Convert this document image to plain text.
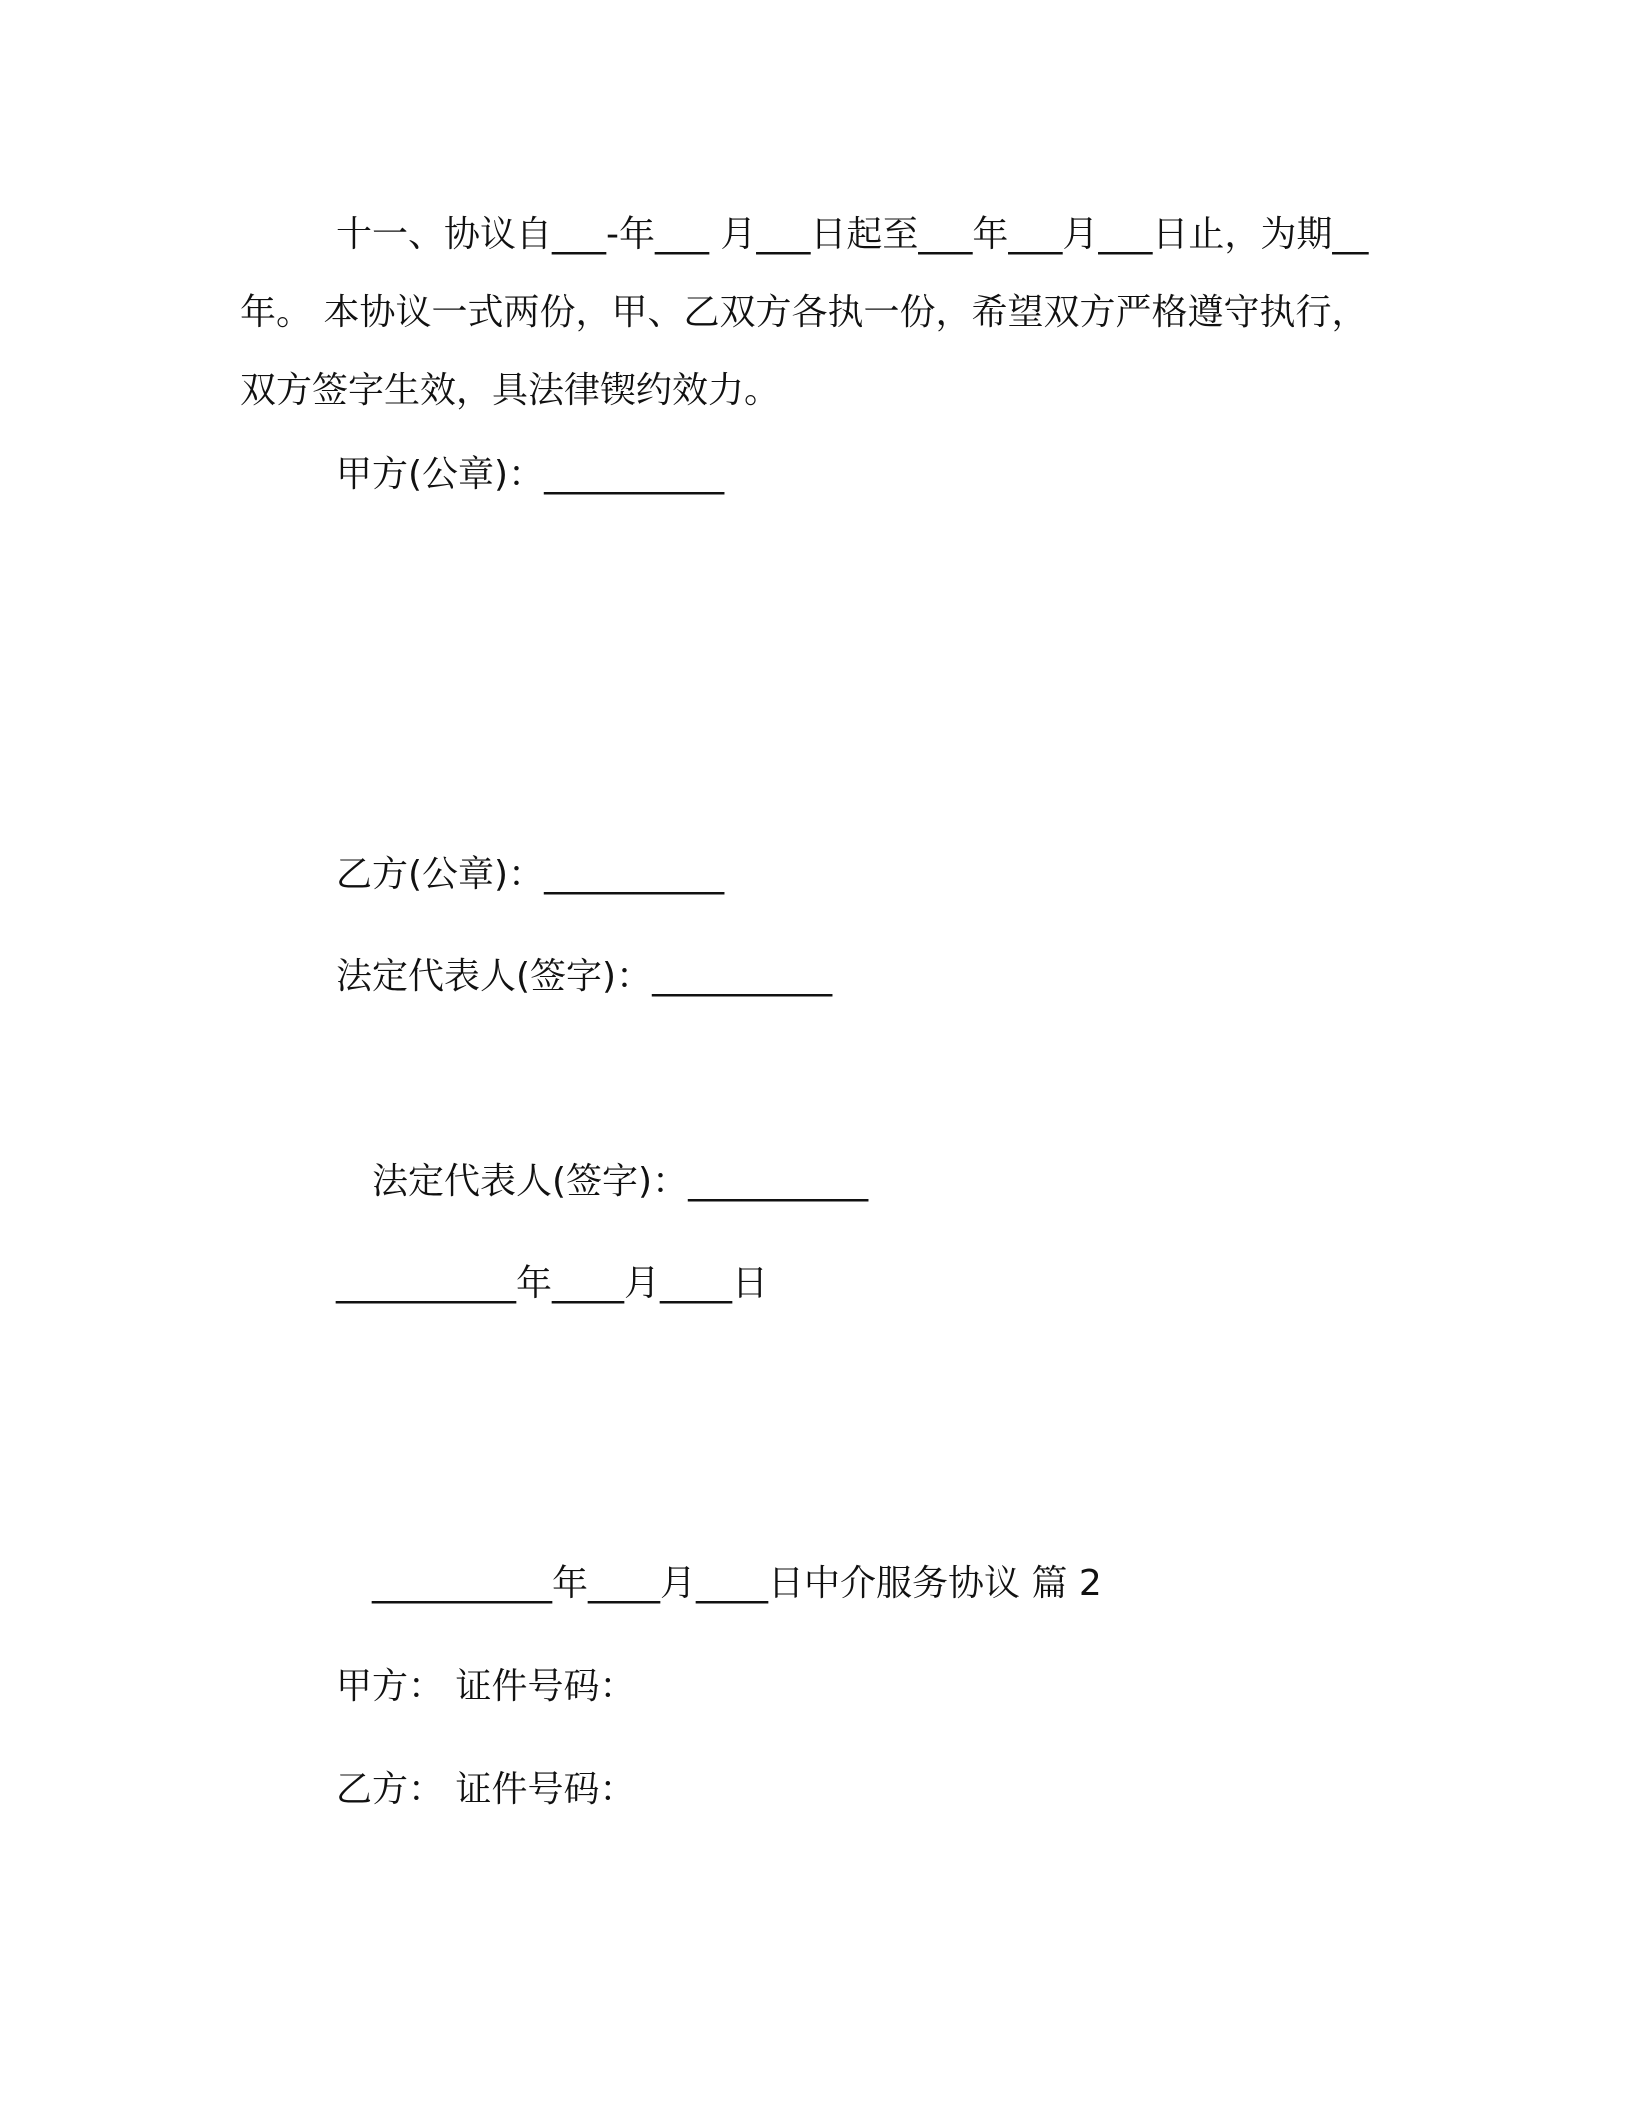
十一、协议自___-年___ 月___日起至___年___月___日止，为期__年。 本协议一式两份，甲、乙双方各执一份，希望双方严格遵守执行，双方签字生效，具法律锲约效力。
甲方(公章)：__________
乙方(公章)：__________
法定代表人(签字)：__________
法定代表人(签字)：__________
__________年____月____日
__________年____月____日中介服务协议 篇 2
甲方： 证件号码：
乙方： 证件号码：
